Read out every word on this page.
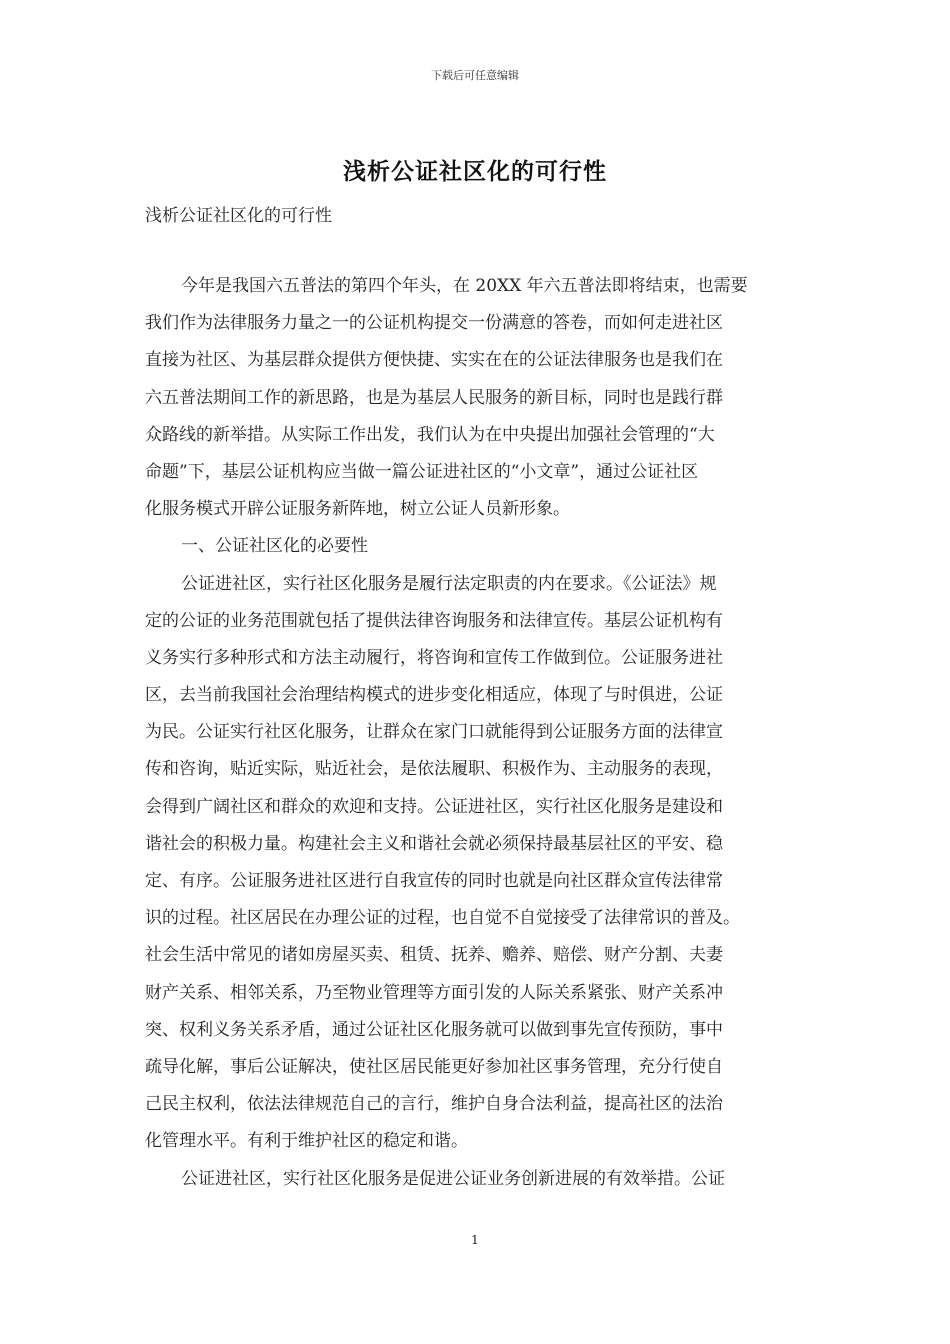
下载后可任意编辑
浅析公证社区化的可行性
浅析公证社区化的可行性
今年是我国六五普法的第四个年头，在 20XX 年六五普法即将结束，也需要
我们作为法律服务力量之一的公证机构提交一份满意的答卷，而如何走进社区
直接为社区、为基层群众提供方便快捷、实实在在的公证法律服务也是我们在
六五普法期间工作的新思路，也是为基层人民服务的新目标，同时也是践行群
众路线的新举措。从实际工作出发，我们认为在中央提出加强社会管理的“大
命题”下，基层公证机构应当做一篇公证进社区的“小文章”，通过公证社区
化服务模式开辟公证服务新阵地，树立公证人员新形象。
一、公证社区化的必要性
公证进社区，实行社区化服务是履行法定职责的内在要求。《公证法》规
定的公证的业务范围就包括了提供法律咨询服务和法律宣传。基层公证机构有
义务实行多种形式和方法主动履行，将咨询和宣传工作做到位。公证服务进社
区，去当前我国社会治理结构模式的进步变化相适应，体现了与时俱进，公证
为民。公证实行社区化服务，让群众在家门口就能得到公证服务方面的法律宣
传和咨询，贴近实际，贴近社会，是依法履职、积极作为、主动服务的表现，
会得到广阔社区和群众的欢迎和支持。公证进社区，实行社区化服务是建设和
谐社会的积极力量。构建社会主义和谐社会就必须保持最基层社区的平安、稳
定、有序。公证服务进社区进行自我宣传的同时也就是向社区群众宣传法律常
识的过程。社区居民在办理公证的过程，也自觉不自觉接受了法律常识的普及。
社会生活中常见的诸如房屋买卖、租赁、抚养、赡养、赔偿、财产分割、夫妻
财产关系、相邻关系，乃至物业管理等方面引发的人际关系紧张、财产关系冲
突、权利义务关系矛盾，通过公证社区化服务就可以做到事先宣传预防，事中
疏导化解，事后公证解决，使社区居民能更好参加社区事务管理，充分行使自
己民主权利，依法法律规范自己的言行，维护自身合法利益，提高社区的法治
化管理水平。有利于维护社区的稳定和谐。
公证进社区，实行社区化服务是促进公证业务创新进展的有效举措。公证
1
